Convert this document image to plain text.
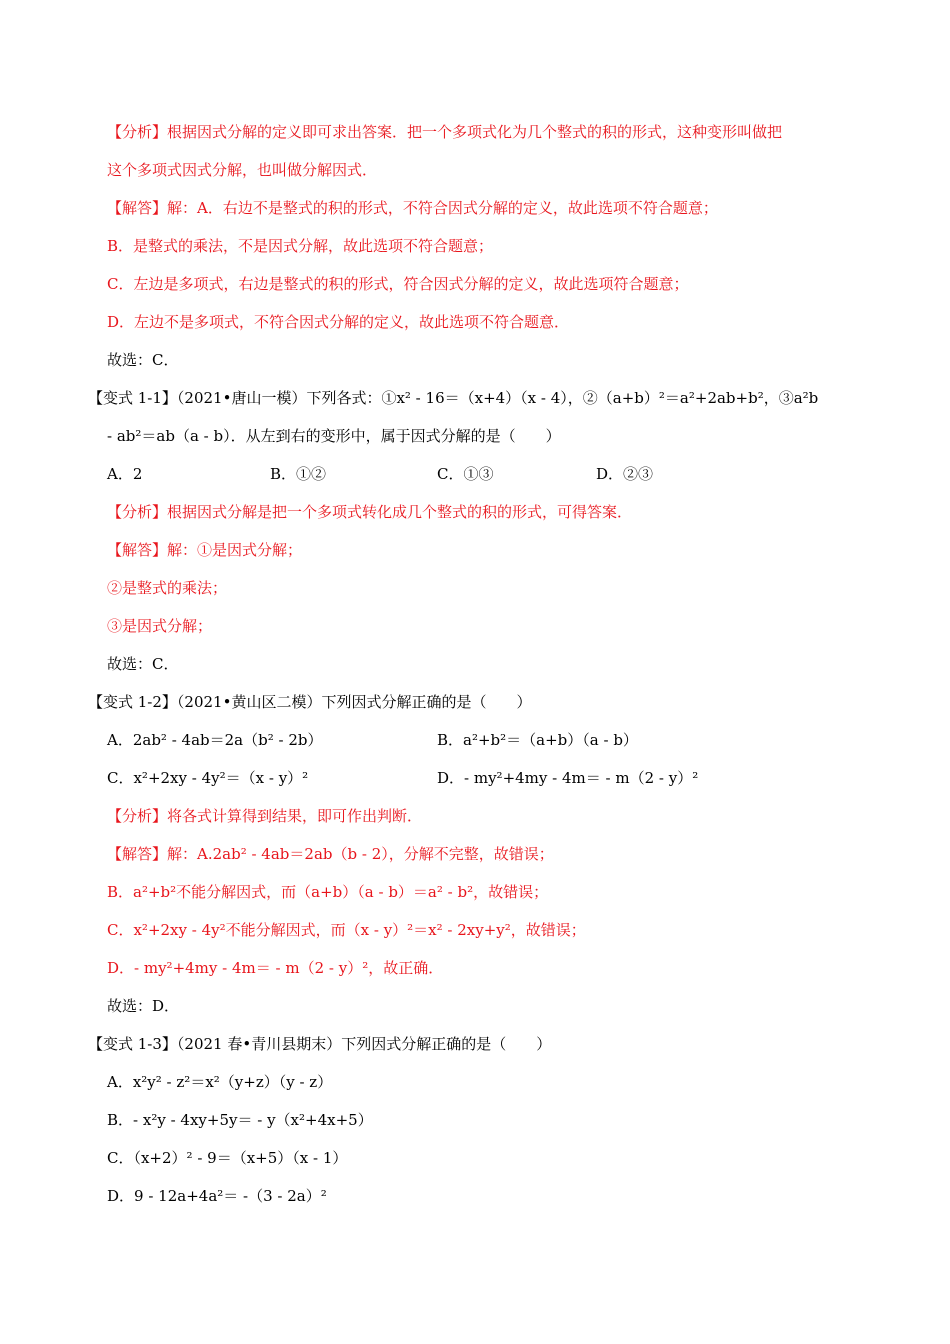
【分析】根据因式分解的定义即可求出答案．把一个多项式化为几个整式的积的形式，这种变形叫做把
这个多项式因式分解，也叫做分解因式．
【解答】解：A．右边不是整式的积的形式，不符合因式分解的定义，故此选项不符合题意；
B．是整式的乘法，不是因式分解，故此选项不符合题意；
C．左边是多项式，右边是整式的积的形式，符合因式分解的定义，故此选项符合题意；
D．左边不是多项式，不符合因式分解的定义，故此选项不符合题意．
故选：C．
【变式 1-1】（2021•唐山一模）下列各式：①x² - 16＝（x+4）（x - 4），②（a+b）²＝a²+2ab+b²，③a²b
- ab²＝ab（a - b）．从左到右的变形中，属于因式分解的是（　　）
A．2	B．①②	C．①③	D．②③
【分析】根据因式分解是把一个多项式转化成几个整式的积的形式，可得答案．
【解答】解：①是因式分解；
②是整式的乘法；
③是因式分解；
故选：C．
【变式 1-2】（2021•黄山区二模）下列因式分解正确的是（　　）
A．2ab² - 4ab＝2a（b² - 2b）	B．a²+b²＝（a+b）（a - b）
C．x²+2xy - 4y²＝（x - y）²	D．- my²+4my - 4m＝ - m（2 - y）²
【分析】将各式计算得到结果，即可作出判断．
【解答】解：A.2ab² - 4ab＝2ab（b - 2），分解不完整，故错误；
B．a²+b²不能分解因式，而（a+b）（a - b）＝a² - b²，故错误；
C．x²+2xy - 4y²不能分解因式，而（x - y）²＝x² - 2xy+y²，故错误；
D．- my²+4my - 4m＝ - m（2 - y）²，故正确．
故选：D．
【变式 1-3】（2021 春•青川县期末）下列因式分解正确的是（　　）
A．x²y² - z²＝x²（y+z）（y - z）
B．- x²y - 4xy+5y＝ - y（x²+4x+5）
C．（x+2）² - 9＝（x+5）（x - 1）
D．9 - 12a+4a²＝ -（3 - 2a）²
